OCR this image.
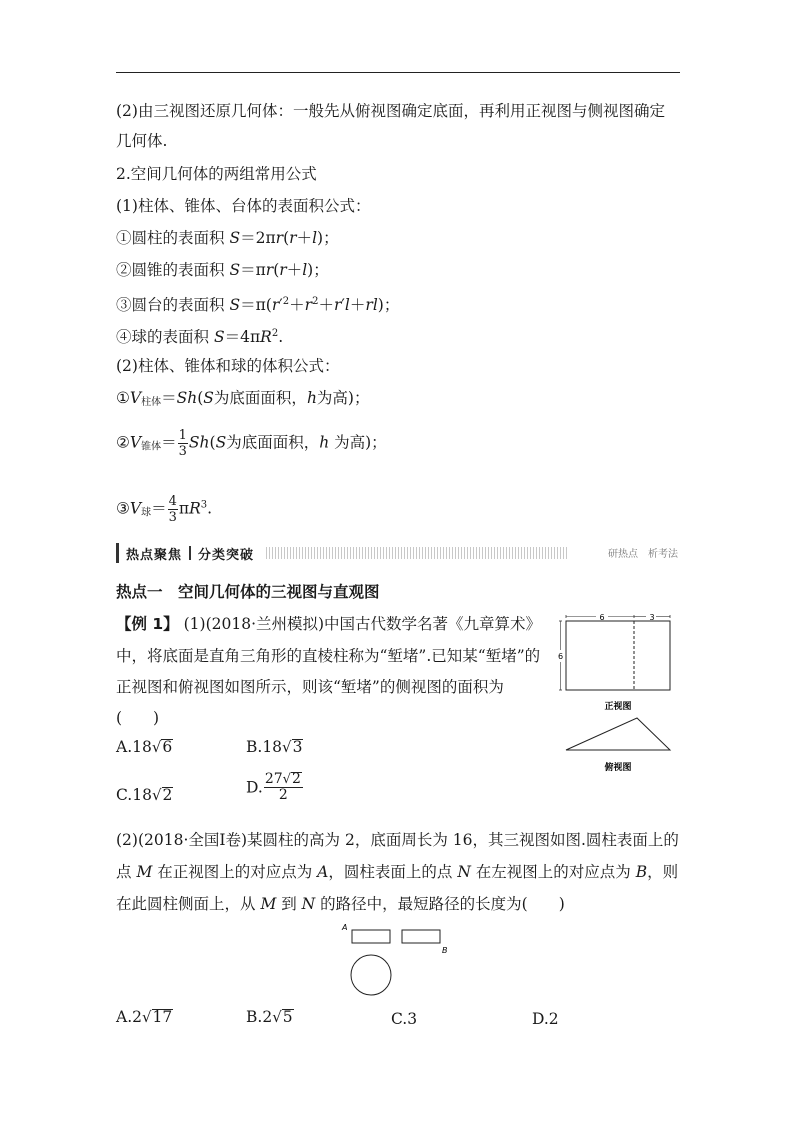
(2)由三视图还原几何体：一般先从俯视图确定底面，再利用正视图与侧视图确定
几何体.
2.空间几何体的两组常用公式
(1)柱体、锥体、台体的表面积公式：
①圆柱的表面积 S＝2πr(r＋l)；
②圆锥的表面积 S＝πr(r＋l)；
③圆台的表面积 $S=\pi(r'^2+r^2+r'l+rl)$；
④球的表面积 $S=4\pi R^2$.
(2)柱体、锥体和球的体积公式：
$①V_{柱体}=Sh(S$为底面面积，h为高)；
$②V_{锥体}= \frac{1}{3} Sh(S$为底面面积，h 为高)；
$③V_球= \frac{4}{3} \pi R^3$.
热点聚焦	分类突破	研热点　析考法
热点一　空间几何体的三视图与直观图
【例 1】 (1)(2018·兰州模拟)中国古代数学名著《九章算术》
中，将底面是直角三角形的直棱柱称为“堑堵”.已知某“堑堵”的
正视图和俯视图如图所示，则该“堑堵”的侧视图的面积为
(　　)
A.18√6	B.18√3
C.18√2	D. $\frac{27√2}{2}$
6	3
6
正视图
俯视图
(2)(2018·全国Ⅰ卷)某圆柱的高为 2，底面周长为 16，其三视图如图.圆柱表面上的
点 M 在正视图上的对应点为 A，圆柱表面上的点 N 在左视图上的对应点为 B，则
在此圆柱侧面上，从 M 到 N 的路径中，最短路径的长度为(　　)
A
B
A.2√17	B.2√5	C.3	D.2
